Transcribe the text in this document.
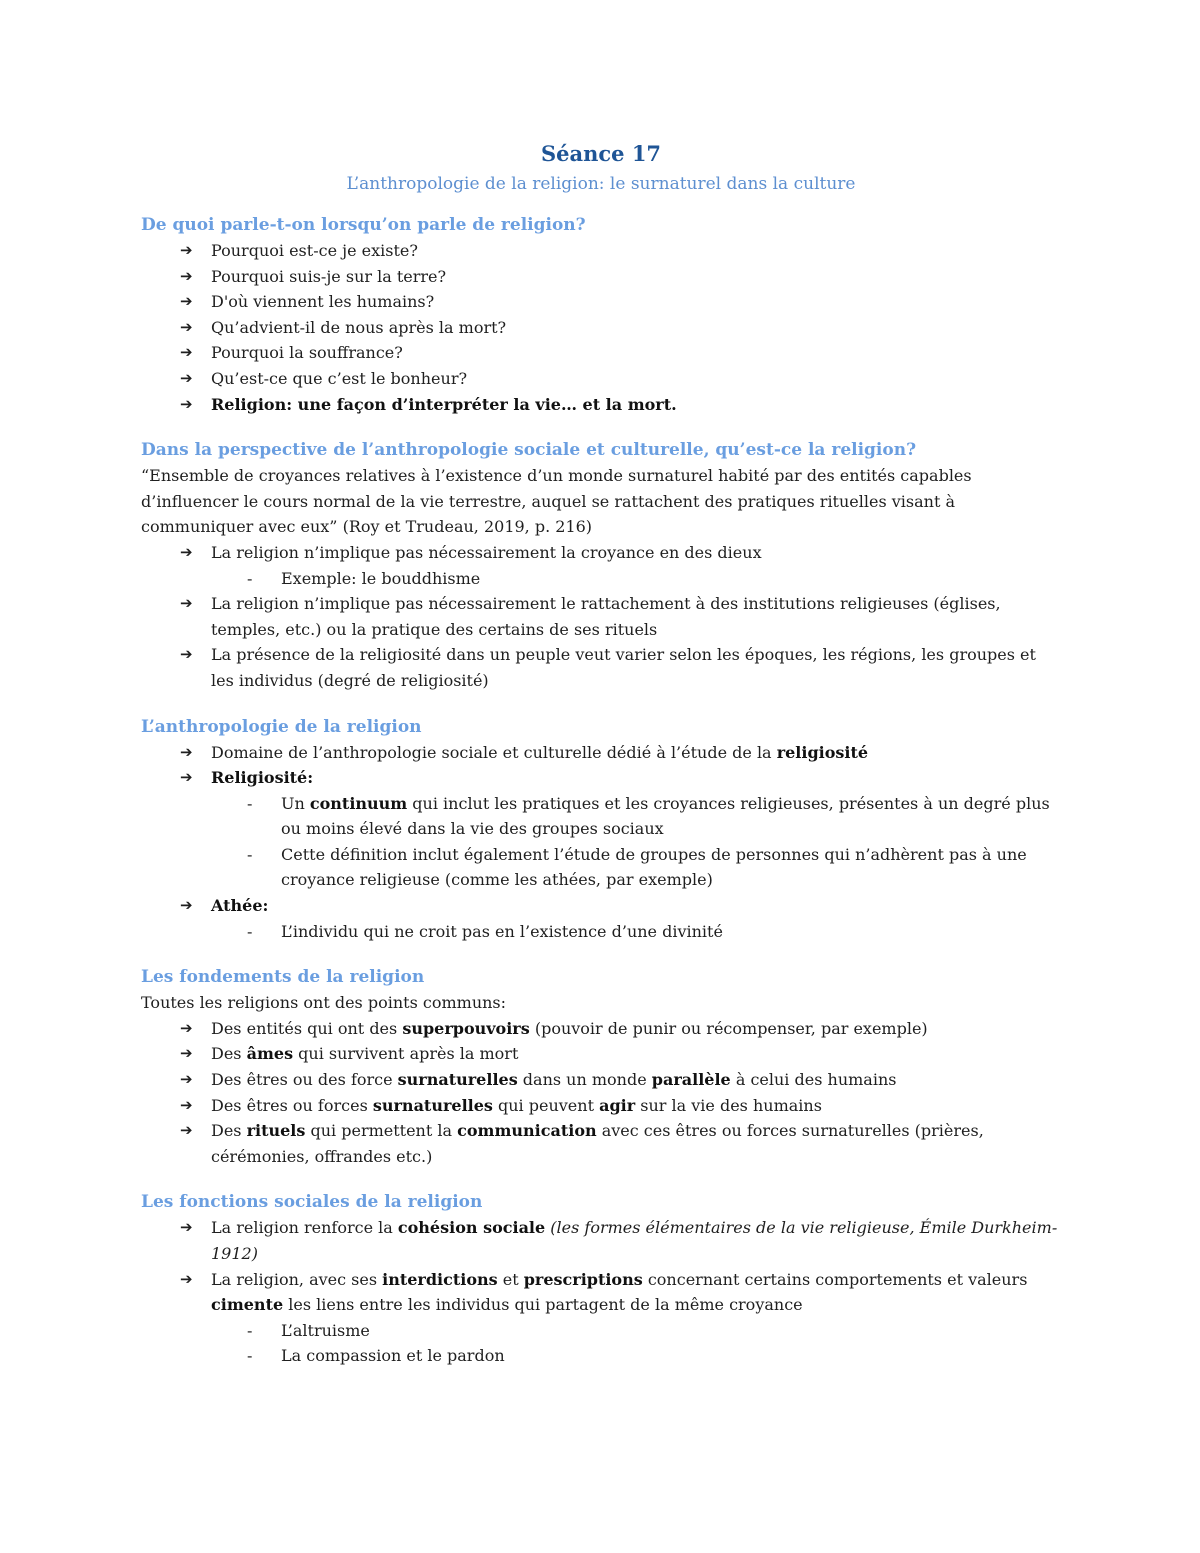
Séance 17

L’anthropologie de la religion: le surnaturel dans la culture

De quoi parle-t-on lorsqu’on parle de religion?

➔ Pourquoi est-ce je existe?
➔ Pourquoi suis-je sur la terre?
➔ D'où viennent les humains?
➔ Qu’advient-il de nous après la mort?
➔ Pourquoi la souffrance?
➔ Qu’est-ce que c’est le bonheur?
➔ Religion: une façon d’interpréter la vie… et la mort.

Dans la perspective de l’anthropologie sociale et culturelle, qu’est-ce la religion?

“Ensemble de croyances relatives à l’existence d’un monde surnaturel habité par des entités capables d’influencer le cours normal de la vie terrestre, auquel se rattachent des pratiques rituelles visant à communiquer avec eux” (Roy et Trudeau, 2019, p. 216)

➔ La religion n’implique pas nécessairement la croyance en des dieux
- Exemple: le bouddhisme
➔ La religion n’implique pas nécessairement le rattachement à des institutions religieuses (églises, temples, etc.) ou la pratique des certains de ses rituels
➔ La présence de la religiosité dans un peuple veut varier selon les époques, les régions, les groupes et les individus (degré de religiosité)

L’anthropologie de la religion

➔ Domaine de l’anthropologie sociale et culturelle dédié à l’étude de la religiosité
➔ Religiosité:
- Un continuum qui inclut les pratiques et les croyances religieuses, présentes à un degré plus ou moins élevé dans la vie des groupes sociaux
- Cette définition inclut également l’étude de groupes de personnes qui n’adhèrent pas à une croyance religieuse (comme les athées, par exemple)
➔ Athée:
- L’individu qui ne croit pas en l’existence d’une divinité

Les fondements de la religion

Toutes les religions ont des points communs:

➔ Des entités qui ont des superpouvoirs (pouvoir de punir ou récompenser, par exemple)
➔ Des âmes qui survivent après la mort
➔ Des êtres ou des force surnaturelles dans un monde parallèle à celui des humains
➔ Des êtres ou forces surnaturelles qui peuvent agir sur la vie des humains
➔ Des rituels qui permettent la communication avec ces êtres ou forces surnaturelles (prières, cérémonies, offrandes etc.)

Les fonctions sociales de la religion

➔ La religion renforce la cohésion sociale (les formes élémentaires de la vie religieuse, Émile Durkheim- 1912)
➔ La religion, avec ses interdictions et prescriptions concernant certains comportements et valeurs cimente les liens entre les individus qui partagent de la même croyance
- L’altruisme
- La compassion et le pardon
